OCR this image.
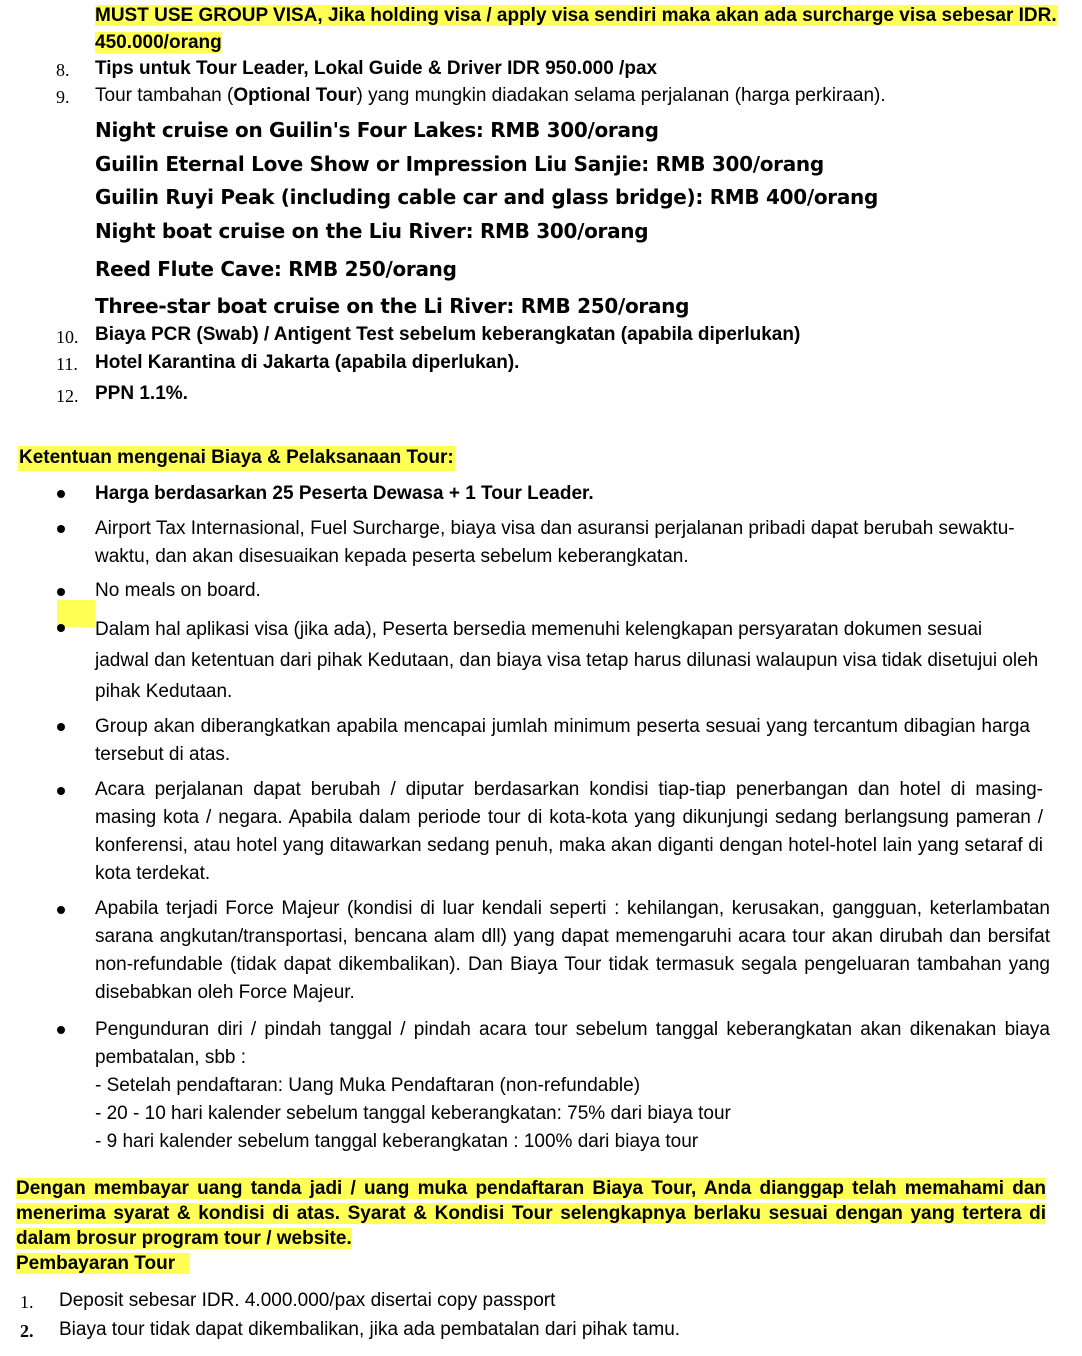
MUST USE GROUP VISA, Jika holding visa / apply visa sendiri maka akan ada surcharge visa sebesar IDR. 450.000/orang
8. Tips untuk Tour Leader, Lokal Guide & Driver IDR 950.000 /pax
9. Tour tambahan (Optional Tour) yang mungkin diadakan selama perjalanan (harga perkiraan).
Night cruise on Guilin's Four Lakes: RMB 300/orang
Guilin Eternal Love Show or Impression Liu Sanjie: RMB 300/orang
Guilin Ruyi Peak (including cable car and glass bridge): RMB 400/orang
Night boat cruise on the Liu River: RMB 300/orang
Reed Flute Cave: RMB 250/orang
Three-star boat cruise on the Li River: RMB 250/orang
10. Biaya PCR (Swab) / Antigent Test sebelum keberangkatan (apabila diperlukan)
11. Hotel Karantina di Jakarta (apabila diperlukan).
12. PPN 1.1%.
Ketentuan mengenai Biaya & Pelaksanaan Tour:
Harga berdasarkan 25 Peserta Dewasa + 1 Tour Leader.
Airport Tax Internasional, Fuel Surcharge, biaya visa dan asuransi perjalanan pribadi dapat berubah sewaktu-waktu, dan akan disesuaikan kepada peserta sebelum keberangkatan.
No meals on board.
Dalam hal aplikasi visa (jika ada), Peserta bersedia memenuhi kelengkapan persyaratan dokumen sesuai jadwal dan ketentuan dari pihak Kedutaan, dan biaya visa tetap harus dilunasi walaupun visa tidak disetujui oleh pihak Kedutaan.
Group akan diberangkatkan apabila mencapai jumlah minimum peserta sesuai yang tercantum dibagian harga tersebut di atas.
Acara perjalanan dapat berubah / diputar berdasarkan kondisi tiap-tiap penerbangan dan hotel di masing-masing kota / negara. Apabila dalam periode tour di kota-kota yang dikunjungi sedang berlangsung pameran / konferensi, atau hotel yang ditawarkan sedang penuh, maka akan diganti dengan hotel-hotel lain yang setaraf di kota terdekat.
Apabila terjadi Force Majeur (kondisi di luar kendali seperti : kehilangan, kerusakan, gangguan, keterlambatan sarana angkutan/transportasi, bencana alam dll) yang dapat memengaruhi acara tour akan dirubah dan bersifat non-refundable (tidak dapat dikembalikan). Dan Biaya Tour tidak termasuk segala pengeluaran tambahan yang disebabkan oleh Force Majeur.
Pengunduran diri / pindah tanggal / pindah acara tour sebelum tanggal keberangkatan akan dikenakan biaya pembatalan, sbb :
- Setelah pendaftaran: Uang Muka Pendaftaran (non-refundable)
- 20 - 10 hari kalender sebelum tanggal keberangkatan: 75% dari biaya tour
- 9 hari kalender sebelum tanggal keberangkatan : 100% dari biaya tour
Dengan membayar uang tanda jadi / uang muka pendaftaran Biaya Tour, Anda dianggap telah memahami dan menerima syarat & kondisi di atas. Syarat & Kondisi Tour selengkapnya berlaku sesuai dengan yang tertera di dalam brosur program tour / website.
Pembayaran Tour
1. Deposit sebesar IDR. 4.000.000/pax disertai copy passport
2. Biaya tour tidak dapat dikembalikan, jika ada pembatalan dari pihak tamu.
